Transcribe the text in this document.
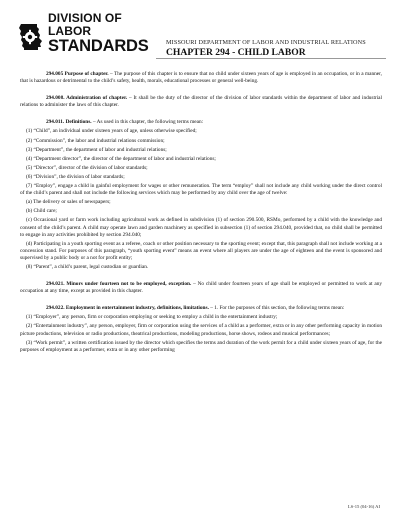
DIVISION OF
LABOR
STANDARDS	MISSOURI DEPARTMENT OF LABOR AND INDUSTRIAL RELATIONS
CHAPTER 294 - CHILD LABOR

294.005 Purpose of chapter. – The purpose of this chapter is to ensure that no child under sixteen years of age is employed in an occupation, or in a manner, that is hazardous or detrimental to the child’s safety, health, morals, educational processes or general well-being.

294.008. Administration of chapter. – It shall be the duty of the director of the division of labor standards within the department of labor and industrial relations to administer the laws of this chapter.

294.011. Definitions. – As used in this chapter, the following terms mean:

(1) “Child”, an individual under sixteen years of age, unless otherwise specified;

(2) “Commission”, the labor and industrial relations commission;

(3) “Department”, the department of labor and industrial relations;

(4) “Department director”, the director of the department of labor and industrial relations;

(5) “Director”, director of the division of labor standards;

(6) “Division”, the division of labor standards;

(7) “Employ”, engage a child in gainful employment for wages or other remuneration. The term “employ” shall not include any child working under the direct control of the child’s parent and shall not include the following services which may be performed by any child over the age of twelve:

(a) The delivery or sales of newspapers;

(b) Child care;

(c) Occasional yard or farm work including agricultural work as defined in subdivision (1) of section 290.500, RSMo, performed by a child with the knowledge and consent of the child’s parent. A child may operate lawn and garden machinery as specified in subsection (1) of section 294.040, provided that, no child shall be permitted to engage in any activities prohibited by section 294.040;

(d) Participating in a youth sporting event as a referee, coach or other position necessary to the sporting event; except that, this paragraph shall not include working at a concession stand. For purposes of this paragraph, “youth sporting event” means an event where all players are under the age of eighteen and the event is sponsored and supervised by a public body or a not for profit entity;

(8) “Parent”, a child’s parent, legal custodian or guardian.

294.021. Minors under fourteen not to be employed, exception. – No child under fourteen years of age shall be employed or permitted to work at any occupation at any time, except as provided in this chapter.

294.022. Employment in entertainment industry, definitions, limitations. – 1. For the purposes of this section, the following terms mean:

(1) “Employer”, any person, firm or corporation employing or seeking to employ a child in the entertainment industry;

(2) “Entertainment industry”, any person, employer, firm or corporation using the services of a child as a performer, extra or in any other performing capacity in motion picture productions, television or radio productions, theatrical productions, modeling productions, horse shows, rodeos and musical performances;

(3) “Work permit”, a written certification issued by the director which specifies the terms and duration of the work permit for a child under sixteen years of age, for the purposes of employment as a performer, extra or in any other performing

LS-15 (04-16) AI
